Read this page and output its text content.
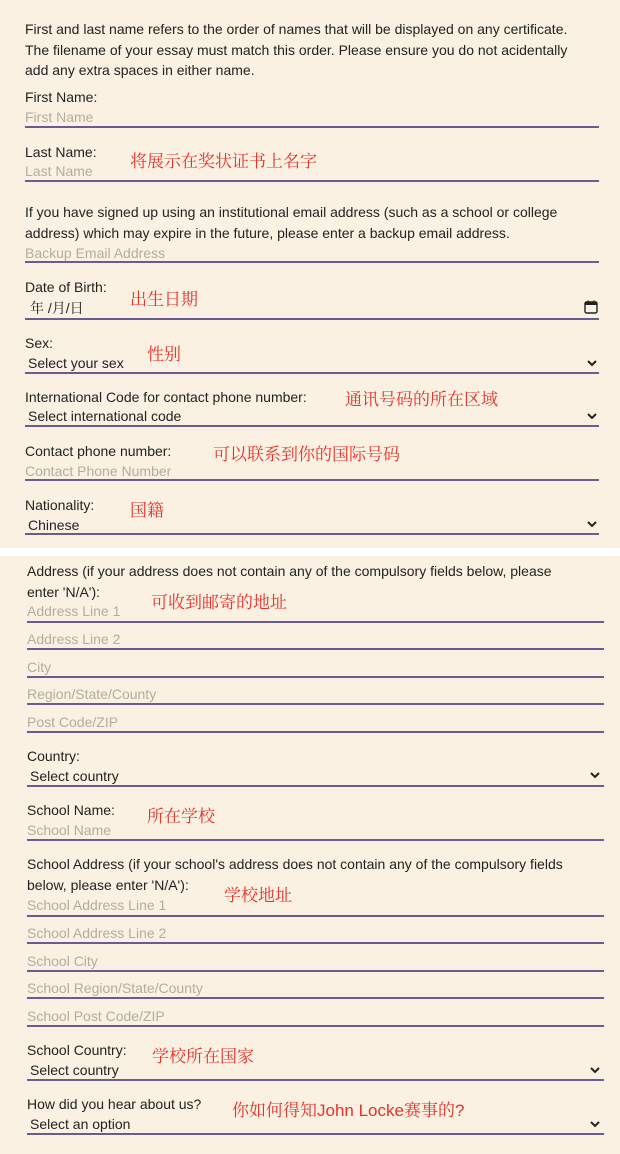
First and last name refers to the order of names that will be displayed on any certificate.
The filename of your essay must match this order. Please ensure you do not acidentally
add any extra spaces in either name.
First Name:
First Name
Last Name: 将展示在奖状证书上名字
Last Name
If you have signed up using an institutional email address (such as a school or college
address) which may expire in the future, please enter a backup email address.
Backup Email Address
Date of Birth:
出生日期
年 /月/日
Sex:
性别
Select your sex
International Code for contact phone number: 通讯号码的所在区域
Select international code
Contact phone number: 可以联系到你的国际号码
Contact Phone Number
Nationality: 国籍
Chinese
Address (if your address does not contain any of the compulsory fields below, please
enter 'N/A'):
可收到邮寄的地址
Address Line 1
Address Line 2
City
Region/State/County
Post Code/ZIP
Country:
Select country
School Name: 所在学校
School Name
School Address (if your school's address does not contain any of the compulsory fields
below, please enter 'N/A'):
学校地址
School Address Line 1
School Address Line 2
School City
School Region/State/County
School Post Code/ZIP
School Country: 学校所在国家
Select country
How did you hear about us? 你如何得知John Locke赛事的?
Select an option
